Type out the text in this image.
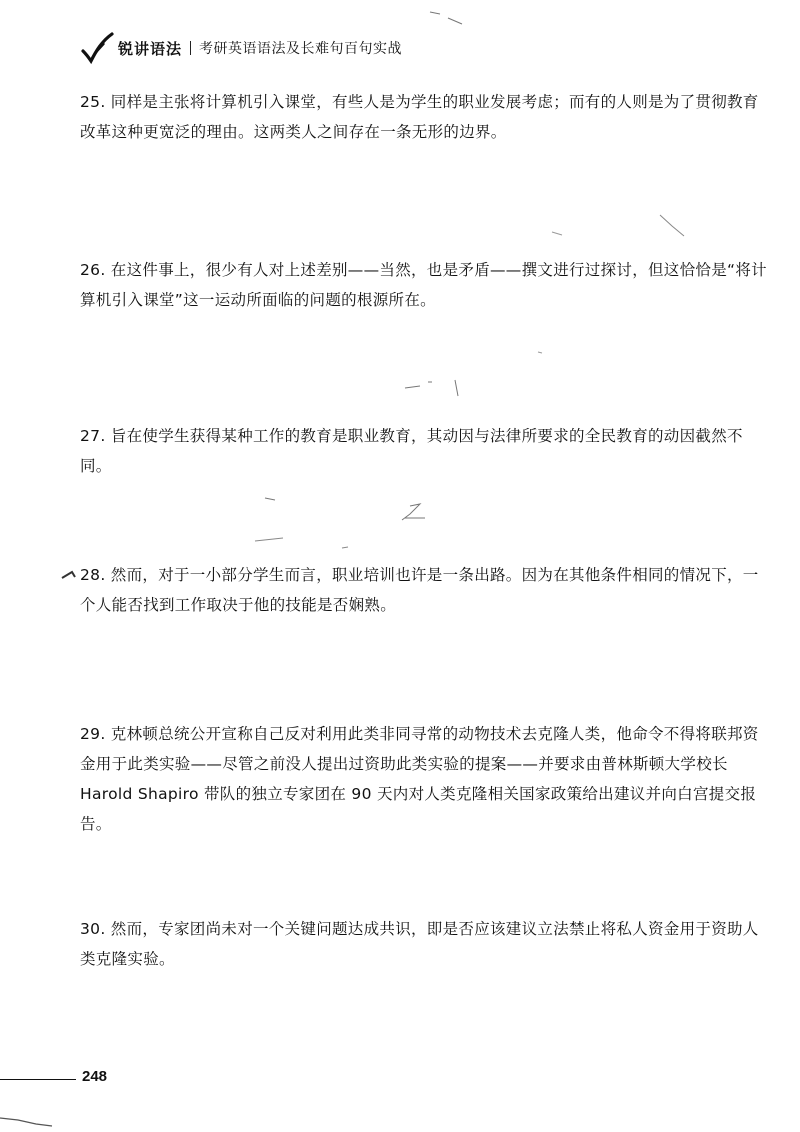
锐讲语法 考研英语语法及长难句百句实战
25. 同样是主张将计算机引入课堂，有些人是为学生的职业发展考虑；而有的人则是为了贯彻教育改革这种更宽泛的理由。这两类人之间存在一条无形的边界。
26. 在这件事上，很少有人对上述差别——当然，也是矛盾——撰文进行过探讨，但这恰恰是“将计算机引入课堂”这一运动所面临的问题的根源所在。
27. 旨在使学生获得某种工作的教育是职业教育，其动因与法律所要求的全民教育的动因截然不同。
28. 然而，对于一小部分学生而言，职业培训也许是一条出路。因为在其他条件相同的情况下，一个人能否找到工作取决于他的技能是否娴熟。
29. 克林顿总统公开宣称自己反对利用此类非同寻常的动物技术去克隆人类，他命令不得将联邦资金用于此类实验——尽管之前没人提出过资助此类实验的提案——并要求由普林斯顿大学校长 Harold Shapiro 带队的独立专家团在 90 天内对人类克隆相关国家政策给出建议并向白宫提交报告。
30. 然而，专家团尚未对一个关键问题达成共识，即是否应该建议立法禁止将私人资金用于资助人类克隆实验。
248
